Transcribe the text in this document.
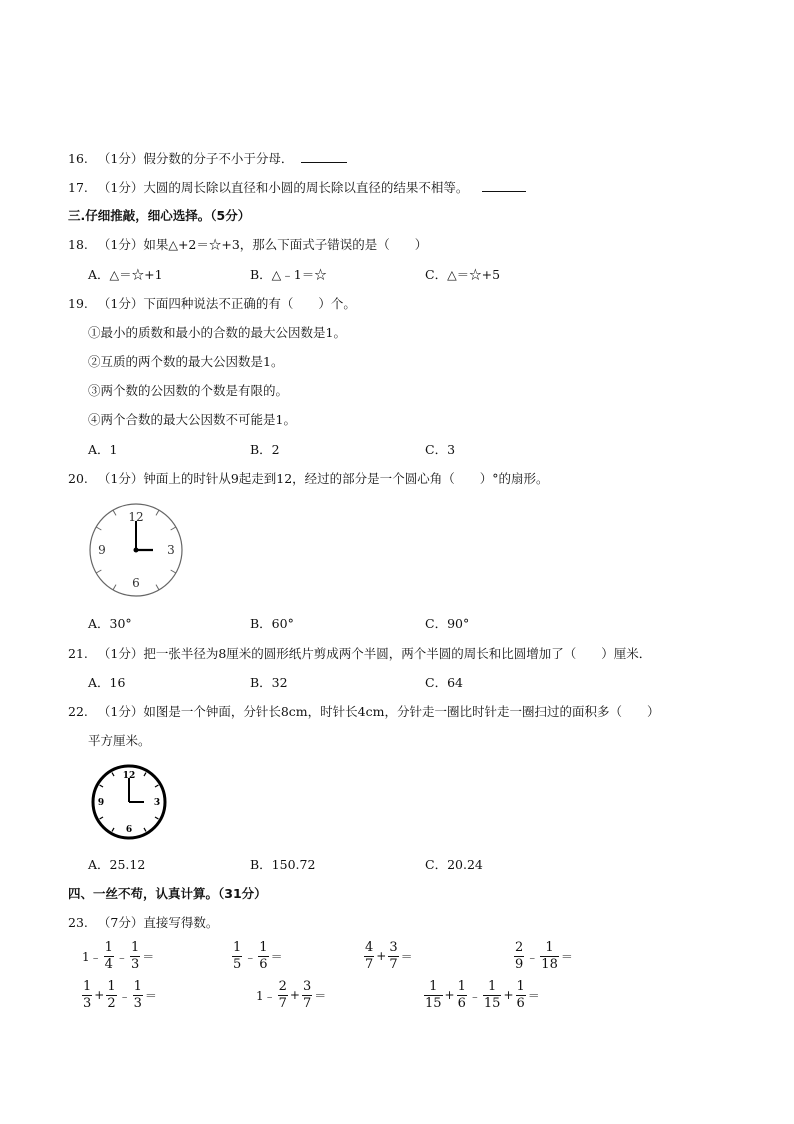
16. （1分）假分数的分子不小于分母．
17. （1分）大圆的周长除以直径和小圆的周长除以直径的结果不相等。
三.仔细推敲，细心选择。（5分）
18. （1分）如果△+2＝☆+3，那么下面式子错误的是（　　）
A．△＝☆+1	B．△﹣1＝☆	C．△＝☆+5
19. （1分）下面四种说法不正确的有（　　）个。
①最小的质数和最小的合数的最大公因数是1。
②互质的两个数的最大公因数是1。
③两个数的公因数的个数是有限的。
④两个合数的最大公因数不可能是1。
A．1	B．2	C．3
20. （1分）钟面上的时针从9起走到12，经过的部分是一个圆心角（　　）°的扇形。
12
3
6
9
A．30°	B．60°	C．90°
21. （1分）把一张半径为8厘米的圆形纸片剪成两个半圆，两个半圆的周长和比圆增加了（　　）厘米．
A．16	B．32	C．64
22. （1分）如图是一个钟面，分针长8cm，时针长4cm，分针走一圈比时针走一圈扫过的面积多（　　）
平方厘米。
12
3
6
9
A．25.12	B．150.72	C．20.24
四、一丝不苟，认真计算。（31分）
23. （7分）直接写得数。
1﹣ $\frac{1}{4}$ ﹣ $\frac{1}{3}$ ＝	$\frac{1}{5}$ ﹣ $\frac{1}{6}$ ＝	$\frac{4}{7} + \frac{3}{7}$ ＝	$\frac{2}{9}$ ﹣ $\frac{1}{18}$ ＝
$\frac{1}{3} + \frac{1}{2}$ ﹣ $\frac{1}{3}$ ＝	1﹣ $\frac{2}{7} + \frac{3}{7}$ ＝	$\frac{1}{15} + \frac{1}{6}$ ﹣ $\frac{1}{15} + \frac{1}{6}$ ＝
